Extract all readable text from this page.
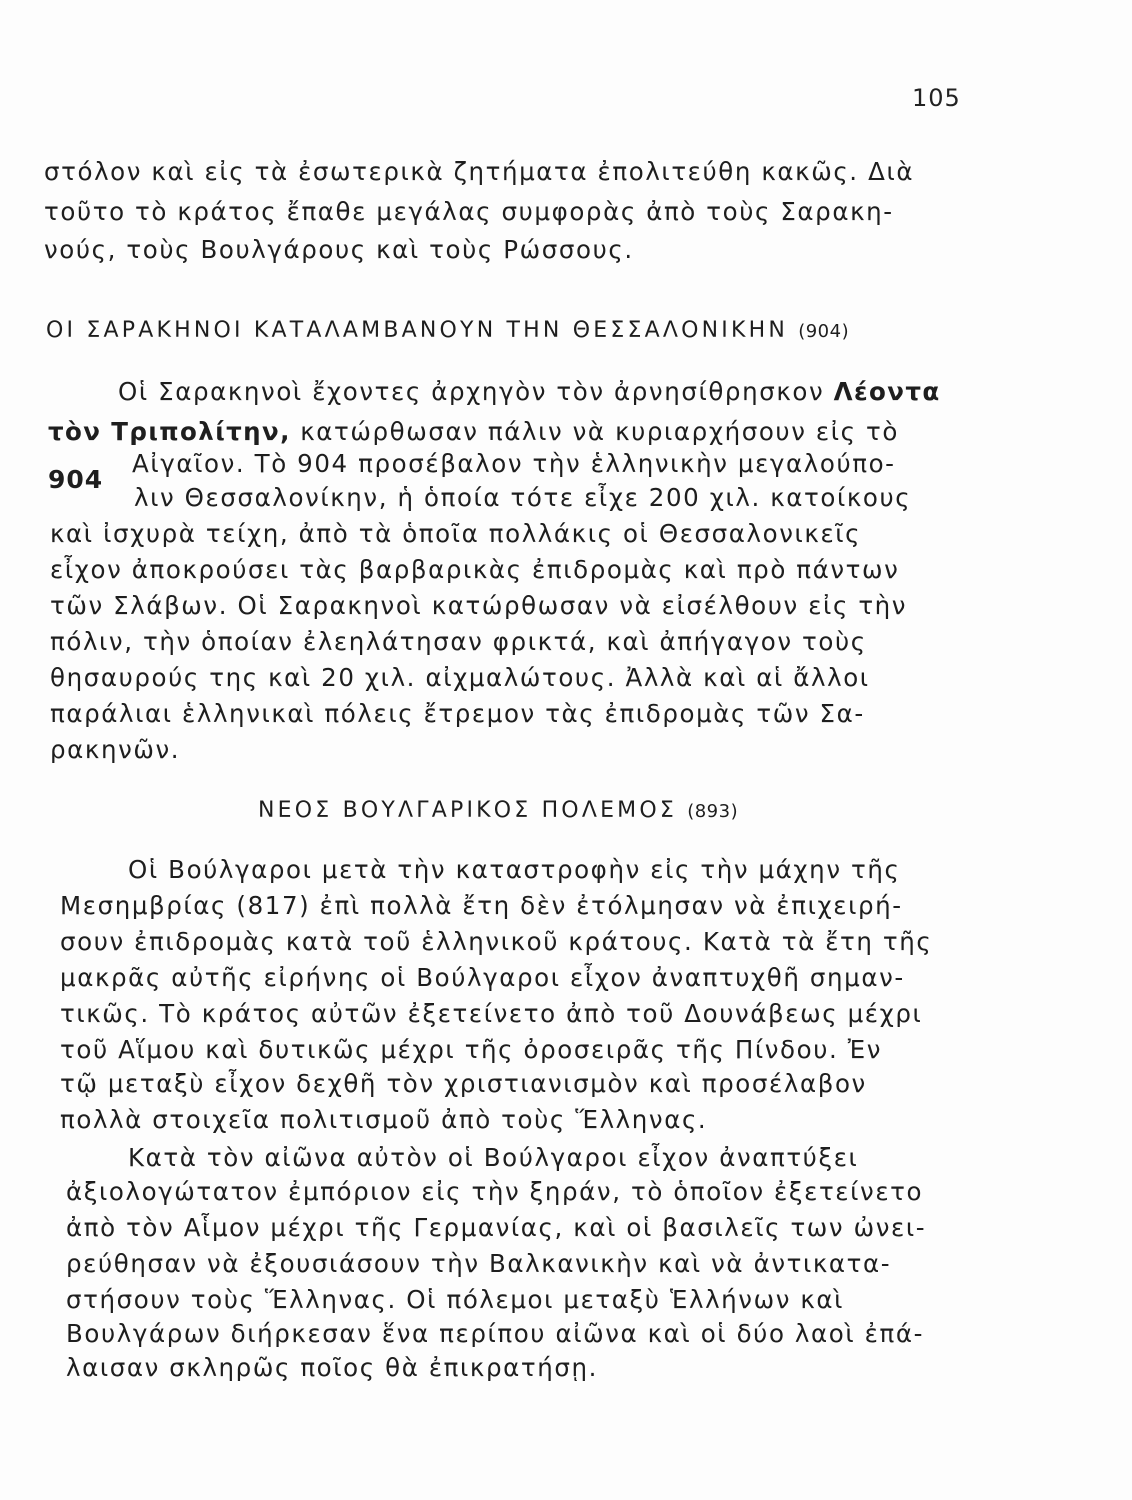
105
στόλον καὶ εἰς τὰ ἐσωτερικὰ ζητήματα ἐπολιτεύθη κακῶς. Διὰ
τοῦτο τὸ κράτος ἔπαθε μεγάλας συμφορὰς ἀπὸ τοὺς Σαρακη-
νούς, τοὺς Βουλγάρους καὶ τοὺς Ρώσσους.
ΟΙ ΣΑΡΑΚΗΝΟΙ ΚΑΤΑΛΑΜΒΑΝΟΥΝ ΤΗΝ ΘΕΣΣΑΛΟΝΙΚΗΝ (904)
Οἱ Σαρακηνοὶ ἔχοντες ἀρχηγὸν τὸν ἀρνησίθρησκον Λέοντα
τὸν Τριπολίτην, κατώρθωσαν πάλιν νὰ κυριαρχήσουν εἰς τὸ
904
Αἰγαῖον. Τὸ 904 προσέβαλον τὴν ἑλληνικὴν μεγαλούπο-
λιν Θεσσαλονίκην, ἡ ὁποία τότε εἶχε 200 χιλ. κατοίκους
καὶ ἰσχυρὰ τείχη, ἀπὸ τὰ ὁποῖα πολλάκις οἱ Θεσσαλονικεῖς
εἶχον ἀποκρούσει τὰς βαρβαρικὰς ἐπιδρομὰς καὶ πρὸ πάντων
τῶν Σλάβων. Οἱ Σαρακηνοὶ κατώρθωσαν νὰ εἰσέλθουν εἰς τὴν
πόλιν, τὴν ὁποίαν ἐλεηλάτησαν φρικτά, καὶ ἀπήγαγον τοὺς
θησαυρούς της καὶ 20 χιλ. αἰχμαλώτους. Ἀλλὰ καὶ αἱ ἄλλοι
παράλιαι ἑλληνικαὶ πόλεις ἔτρεμον τὰς ἐπιδρομὰς τῶν Σα-
ρακηνῶν.
ΝΕΟΣ ΒΟΥΛΓΑΡΙΚΟΣ ΠΟΛΕΜΟΣ (893)
Οἱ Βούλγαροι μετὰ τὴν καταστροφὴν εἰς τὴν μάχην τῆς
Μεσημβρίας (817) ἐπὶ πολλὰ ἔτη δὲν ἐτόλμησαν νὰ ἐπιχειρή-
σουν ἐπιδρομὰς κατὰ τοῦ ἑλληνικοῦ κράτους. Κατὰ τὰ ἔτη τῆς
μακρᾶς αὐτῆς εἰρήνης οἱ Βούλγαροι εἶχον ἀναπτυχθῆ σημαν-
τικῶς. Τὸ κράτος αὐτῶν ἐξετείνετο ἀπὸ τοῦ Δουνάβεως μέχρι
τοῦ Αἵμου καὶ δυτικῶς μέχρι τῆς ὀροσειρᾶς τῆς Πίνδου. Ἐν
τῷ μεταξὺ εἶχον δεχθῆ τὸν χριστιανισμὸν καὶ προσέλαβον
πολλὰ στοιχεῖα πολιτισμοῦ ἀπὸ τοὺς Ἕλληνας.
Κατὰ τὸν αἰῶνα αὐτὸν οἱ Βούλγαροι εἶχον ἀναπτύξει
ἀξιολογώτατον ἐμπόριον εἰς τὴν ξηράν, τὸ ὁποῖον ἐξετείνετο
ἀπὸ τὸν Αἷμον μέχρι τῆς Γερμανίας, καὶ οἱ βασιλεῖς των ὠνει-
ρεύθησαν νὰ ἐξουσιάσουν τὴν Βαλκανικὴν καὶ νὰ ἀντικατα-
στήσουν τοὺς Ἕλληνας. Οἱ πόλεμοι μεταξὺ Ἑλλήνων καὶ
Βουλγάρων διήρκεσαν ἕνα περίπου αἰῶνα καὶ οἱ δύο λαοὶ ἐπά-
λαισαν σκληρῶς ποῖος θὰ ἐπικρατήσῃ.
